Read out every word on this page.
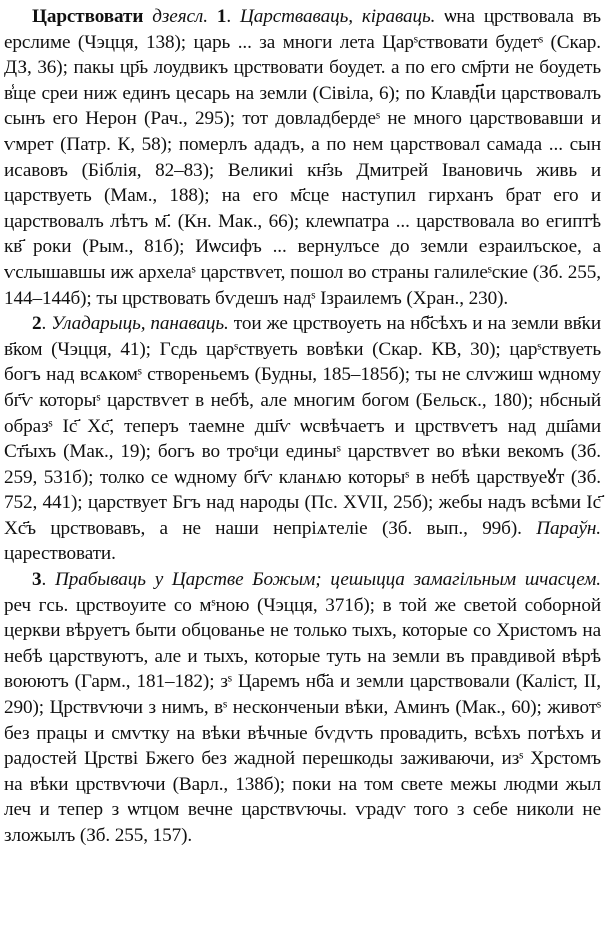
Царствовати дзеясл. 1. Царстваваць, кіраваць. ѡна црствовала въ ерслиме (Чэцця, 138); царь ... за многи лета Царˢствовати будетˢ (Скар. ДЗ, 36); пакы цр҃ь лоудвикъ црствовати боудет. а по его см҃рти не боудеть в̾ще среи ниж единъ цесарь на земли (Сівіла, 6); по Клавдꙇ҃и царствовалъ сынъ его Нерон (Рач., 295); тот довладбердеˢ не много царствовавши и ѵмрет (Патр. К, 58); померлъ ададъ, а по нем царствовал самада ... сын исавовъ (Біблія, 82–83); Великиі кн҃зь Дмитрей Івановичь живь и царствуеть (Мам., 188); на его м҃сце наступил гирханъ брат его и царствовалъ лѣтъ м҃. (Кн. Мак., 66); клеѡпатра ... царствовала во египтѣ кв҃ роки (Рым., 81б); Иѡсифъ ... вернулъсе до земли езраилъское, а ѵслышавшы иж архелаˢ царствѵет, пошол во страны галилеˢские (Зб. 255, 144–144б); ты црствовать бѵдешъ надˢ Ізраилемъ (Хран., 230).

2. Уладарыць, панаваць. тои же црствоуеть на нб҃сѣхъ и на земли вв҃ки в҃ком (Чэцця, 41); Гсдь царˢствуеть вовѣки (Скар. КВ, 30); царˢствуеть богъ над всѧкомˢ створеньемъ (Будны, 185–185б); ты не слѵжиш ѡдному бг҃ѵ которыˢ царствѵет в небѣ, але многим богом (Бельск., 180); нбсный образˢ Іс҃ Хс҃, теперъ таемне дш҃ѵ ѡсвѣчаетъ и црствѵетъ над дш҃ами Ст҃ыхъ (Мак., 19); богъ во троˢци единыˢ царствѵет во вѣки векомъ (Зб. 259, 531б); толко се ѡдному бг҃ѵ кланѧю которыˢ в небѣ царствуеꙋт (Зб. 752, 441); царствует Бгъ над народы (Пс. XVII, 25б); жебы надъ всѣми Іс҃ Хс҃ъ црствовавъ, а не наши непріѧтеліе (Зб. вып., 99б). Параўн. царествовати.

3. Прабываць у Царстве Божым; цешыцца замагільным шчасцем. реч гсь. црствоуите со мˢною (Чэцця, 371б); в той же светой соборной церкви вѣруетъ быти обцованье не только тыхъ, которые со Христомъ на небѣ царствуютъ, але и тыхъ, которые туть на земли въ правдивой вѣрѣ воюютъ (Гарм., 181–182); зˢ Царемъ нб҃а и земли царствовали (Каліст, II, 290); Црствѵючи з нимъ, вˢ несконченыи вѣки, Аминъ (Мак., 60); животˢ без працы и смѵтку на вѣки вѣчные бѵдѵть провадить, всѣхъ потѣхъ и радостей Црстві Бжего без жадной перешкоды заживаючи, изˢ Хрстомъ на вѣки црствѵючи (Варл., 138б); поки на том свете межы людми жыл леч и тепер з ѡтцом вечне царствѵючы. ѵрадѵ того з себе николи не зложылъ (Зб. 255, 157).
